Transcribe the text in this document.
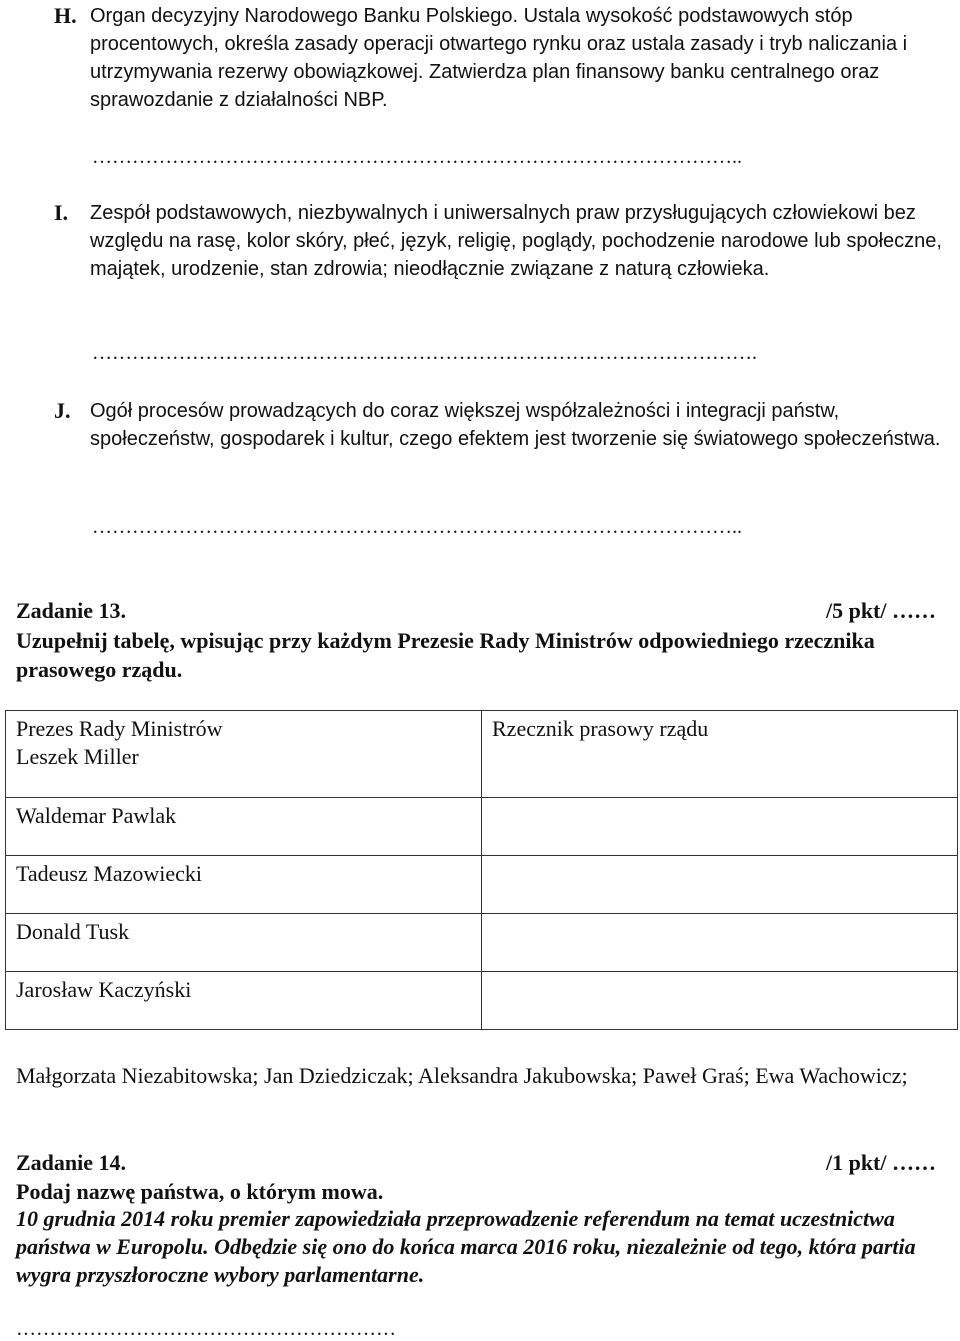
H. Organ decyzyjny Narodowego Banku Polskiego. Ustala wysokość podstawowych stóp procentowych, określa zasady operacji otwartego rynku oraz ustala zasady i tryb naliczania i utrzymywania rezerwy obowiązkowej. Zatwierdza plan finansowy banku centralnego oraz sprawozdanie z działalności NBP.
……………………………………………………………………………………..
I. Zespół podstawowych, niezbywalnych i uniwersalnych praw przysługujących człowiekowi bez względu na rasę, kolor skóry, płeć, język, religię, poglądy, pochodzenie narodowe lub społeczne, majątek, urodzenie, stan zdrowia; nieodłącznie związane z naturą człowieka.
……………………………………………………………………………………….
J. Ogół procesów prowadzących do coraz większej współzależności i integracji państw, społeczeństw, gospodarek i kultur, czego efektem jest tworzenie się światowego społeczeństwa.
……………………………………………………………………………………..
Zadanie 13.	/5 pkt/ ……
Uzupełnij tabelę, wpisując przy każdym Prezesie Rady Ministrów odpowiedniego rzecznika prasowego rządu.
Prezes Rady Ministrów
Leszek Miller	Rzecznik prasowy rządu

Waldemar Pawlak	
Tadeusz Mazowiecki	
Donald Tusk	
Jarosław Kaczyński	
Małgorzata Niezabitowska; Jan Dziedziczak; Aleksandra Jakubowska; Paweł Graś; Ewa Wachowicz;
Zadanie 14.	/1 pkt/ ……
Podaj nazwę państwa, o którym mowa.
10 grudnia 2014 roku premier zapowiedziała przeprowadzenie referendum na temat uczestnictwa państwa w Europolu. Odbędzie się ono do końca marca 2016 roku, niezależnie od tego, która partia wygra przyszłoroczne wybory parlamentarne.
…………………………………………………
